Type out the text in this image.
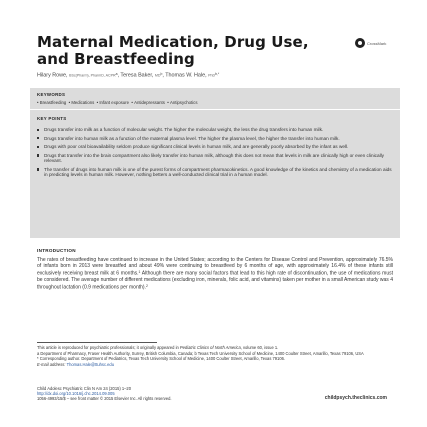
Maternal Medication, Drug Use, and Breastfeeding
CrossMark
Hilary Rowe, BSc(Pharm), PharmD, ACPR$^a$, Teresa Baker, $MD^b$, Thomas W. Hale, PhD$^{b,*}$
KEYWORDS
• Breastfeeding  • Medications  • Infant exposure  • Antidepressants  • Antipsychotics
KEY POINTS
Drugs transfer into milk as a function of molecular weight. The higher the molecular weight, the less the drug transfers into human milk.
Drugs transfer into human milk as a function of the maternal plasma level. The higher the plasma level, the higher the transfer into human milk.
Drugs with poor oral bioavailability seldom produce significant clinical levels in human milk, and are generally poorly absorbed by the infant as well.
Drugs that transfer into the brain compartment also likely transfer into human milk, although this does not mean that levels in milk are clinically high or even clinically relevant.
The transfer of drugs into human milk is one of the purest forms of compartment pharmacokinetics. A good knowledge of the kinetics and chemistry of a medication aids in predicting levels in human milk. However, nothing betters a well-conducted clinical trial in a human model.
INTRODUCTION

The rates of breastfeeding have continued to increase in the United States; according to the Centers for Disease Control and Prevention, approximately 76.5% of infants born in 2013 were breastfed and about 49% were continuing to breastfeed by 6 months of age, with approximately 16.4% of these infants still exclusively receiving breast milk at 6 months.$^1$ Although there are many social factors that lead to this high rate of discontinuation, the use of medications must be considered. The average number of different medications (excluding iron, minerals, folic acid, and vitamins) taken per mother in a small American study was 4 throughout lactation (0.9 medications per month).$^2$

This article is reproduced for psychiatric professionals; it originally appeared in Pediatric Clinics of North America, volume 60, issue 1.

a Department of Pharmacy, Fraser Health Authority, Surrey, British Columbia, Canada; b Texas Tech University School of Medicine, 1400 Coulter Street, Amarillo, Texas 79106, USA

* Corresponding author. Department of Pediatrics, Texas Tech University School of Medicine, 1400 Coulter Street, Amarillo, Texas 79106.

E-mail address: Thomas.Hale@ttuhsc.edu

Child Adolesc Psychiatric Clin N Am 24 (2015) 1–20

http://dx.doi.org/10.1016/j.chc.2014.09.005

1056-4993/15/$ – see front matter © 2015 Elsevier Inc. All rights reserved.	childpsych.theclinics.com
